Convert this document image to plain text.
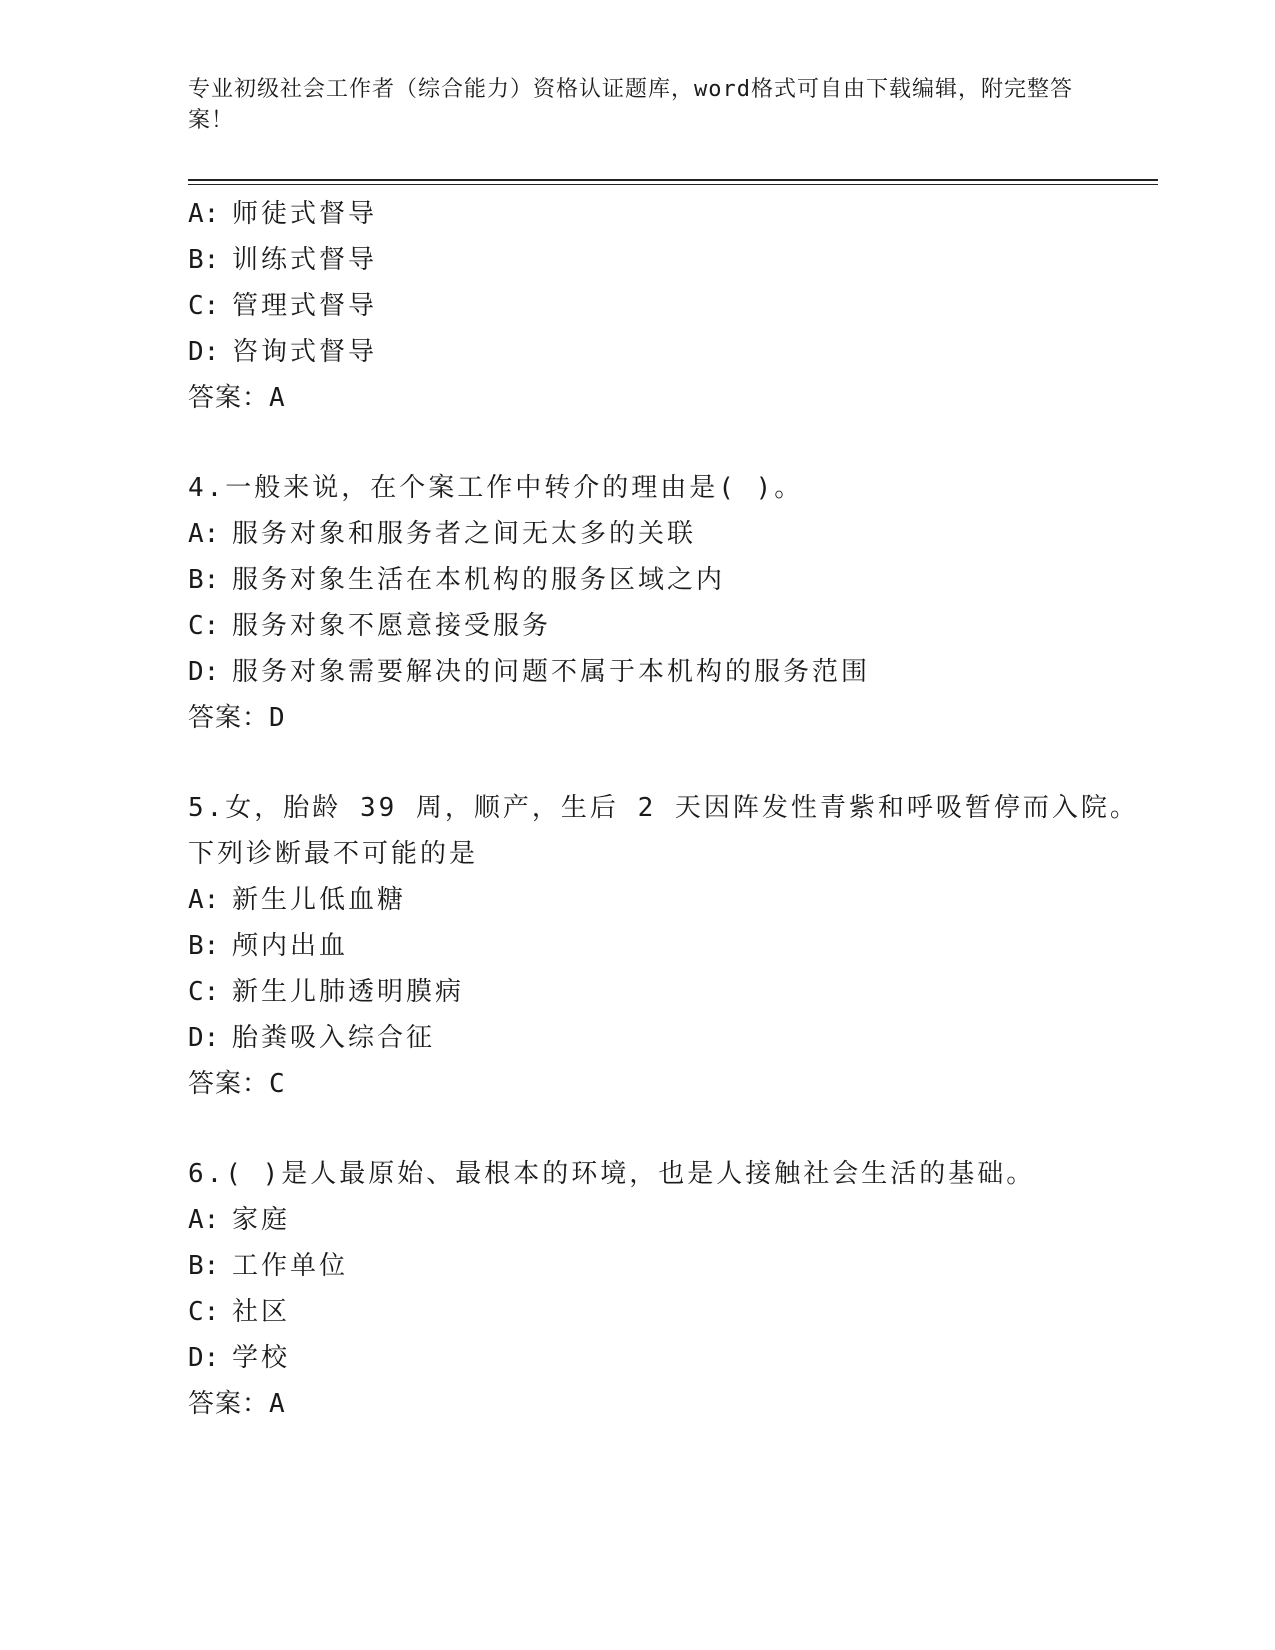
专业初级社会工作者（综合能力）资格认证题库，word格式可自由下载编辑，附完整答案！
A: 师徒式督导
B: 训练式督导
C: 管理式督导
D: 咨询式督导
答案：A
4.一般来说，在个案工作中转介的理由是( )。
A: 服务对象和服务者之间无太多的关联
B: 服务对象生活在本机构的服务区域之内
C: 服务对象不愿意接受服务
D: 服务对象需要解决的问题不属于本机构的服务范围
答案：D
5.女，胎龄 39 周，顺产，生后 2 天因阵发性青紫和呼吸暂停而入院。
下列诊断最不可能的是
A: 新生儿低血糖
B: 颅内出血
C: 新生儿肺透明膜病
D: 胎粪吸入综合征
答案：C
6.( )是人最原始、最根本的环境，也是人接触社会生活的基础。
A: 家庭
B: 工作单位
C: 社区
D: 学校
答案：A
